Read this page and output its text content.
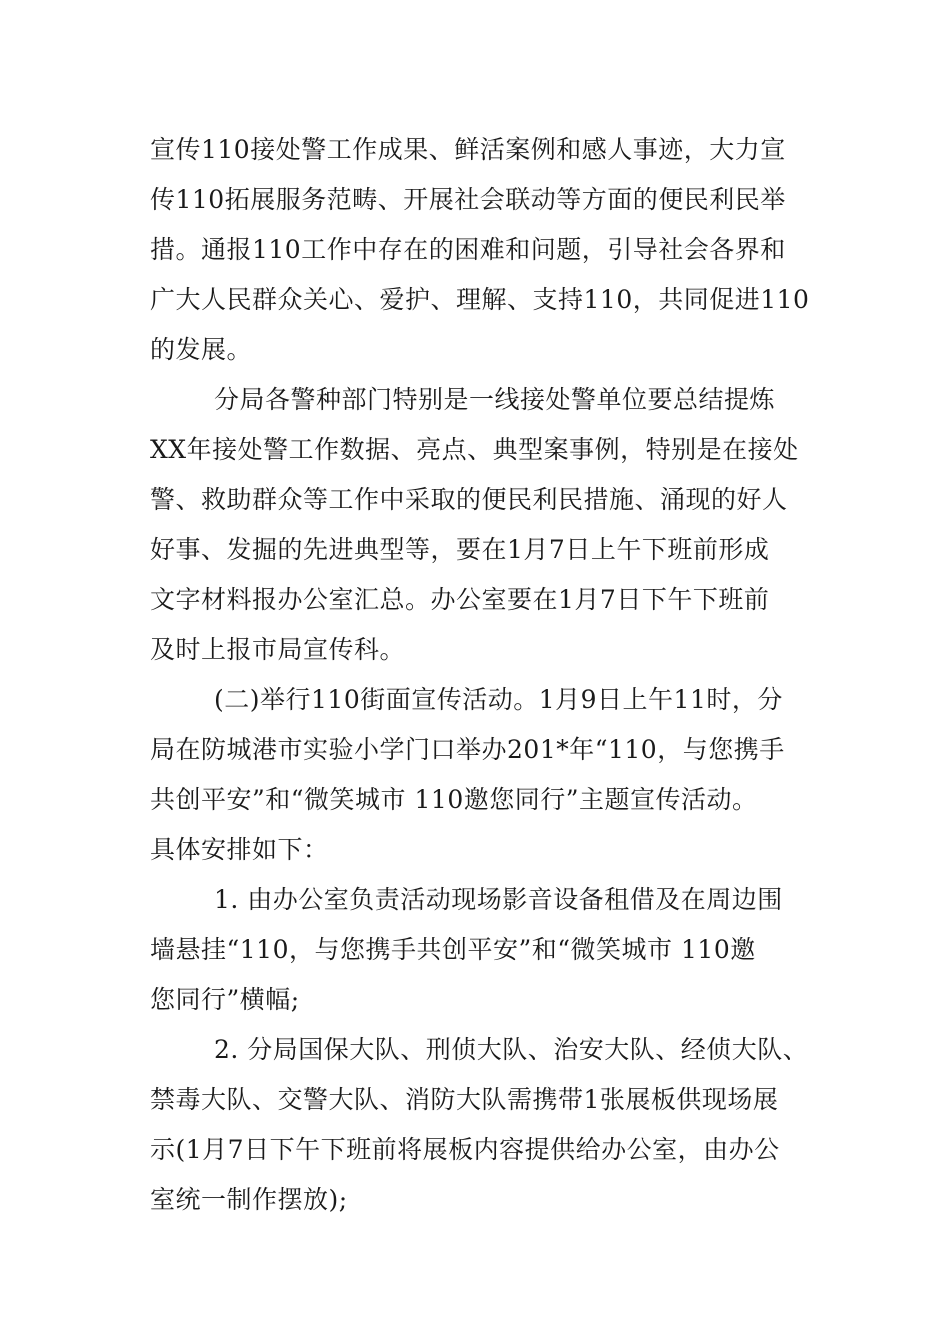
宣传110接处警工作成果、鲜活案例和感人事迹，大力宣
传110拓展服务范畴、开展社会联动等方面的便民利民举
措。通报110工作中存在的困难和问题，引导社会各界和
广大人民群众关心、爱护、理解、支持110，共同促进110
的发展。
分局各警种部门特别是一线接处警单位要总结提炼
XX年接处警工作数据、亮点、典型案事例，特别是在接处
警、救助群众等工作中采取的便民利民措施、涌现的好人
好事、发掘的先进典型等，要在1月7日上午下班前形成
文字材料报办公室汇总。办公室要在1月7日下午下班前
及时上报市局宣传科。
(二)举行110街面宣传活动。1月9日上午11时，分
局在防城港市实验小学门口举办201*年“110，与您携手
共创平安”和“微笑城市 110邀您同行”主题宣传活动。
具体安排如下：
1. 由办公室负责活动现场影音设备租借及在周边围
墙悬挂“110，与您携手共创平安”和“微笑城市 110邀
您同行”横幅;
2. 分局国保大队、刑侦大队、治安大队、经侦大队、
禁毒大队、交警大队、消防大队需携带1张展板供现场展
示(1月7日下午下班前将展板内容提供给办公室，由办公
室统一制作摆放);
